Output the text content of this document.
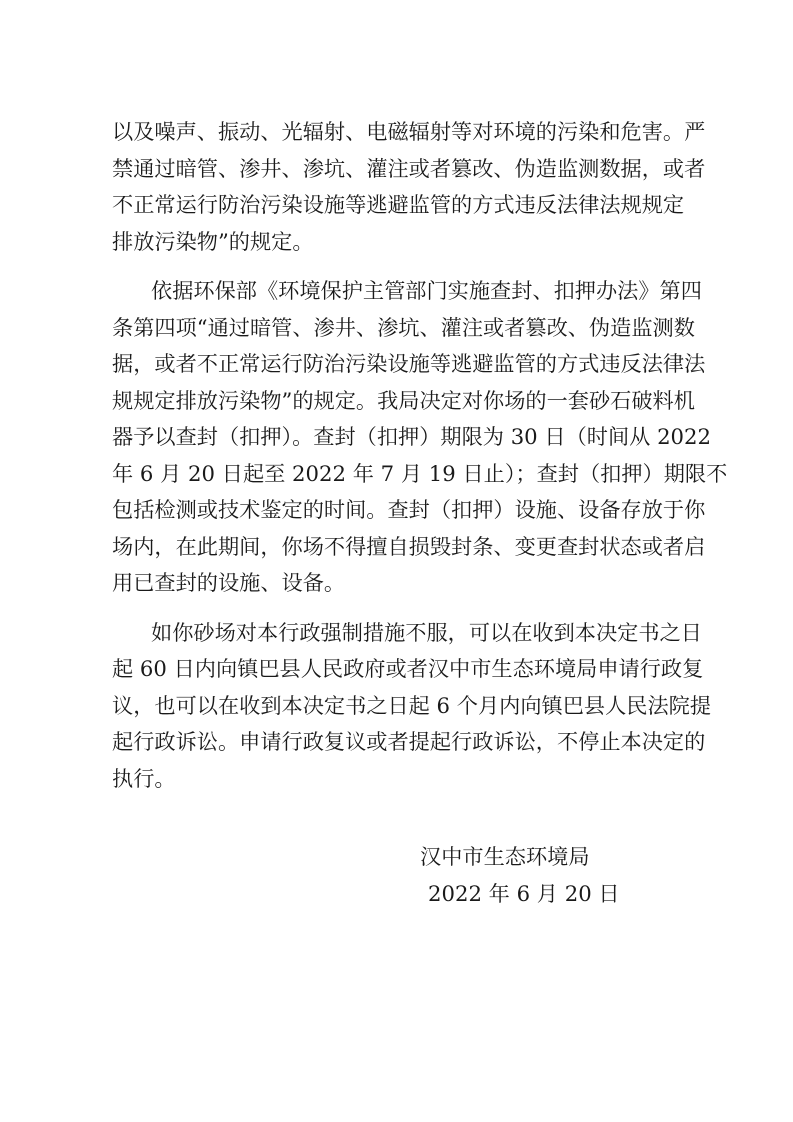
以及噪声、振动、光辐射、电磁辐射等对环境的污染和危害。严
禁通过暗管、渗井、渗坑、灌注或者篡改、伪造监测数据，或者
不正常运行防治污染设施等逃避监管的方式违反法律法规规定
排放污染物”的规定。
依据环保部《环境保护主管部门实施查封、扣押办法》第四
条第四项“通过暗管、渗井、渗坑、灌注或者篡改、伪造监测数
据，或者不正常运行防治污染设施等逃避监管的方式违反法律法
规规定排放污染物”的规定。我局决定对你场的一套砂石破料机
器予以查封（扣押）。查封（扣押）期限为 30 日（时间从 2022
年 6 月 20 日起至 2022 年 7 月 19 日止）；查封（扣押）期限不
包括检测或技术鉴定的时间。查封（扣押）设施、设备存放于你
场内，在此期间，你场不得擅自损毁封条、变更查封状态或者启
用已查封的设施、设备。
如你砂场对本行政强制措施不服，可以在收到本决定书之日
起 60 日内向镇巴县人民政府或者汉中市生态环境局申请行政复
议，也可以在收到本决定书之日起 6 个月内向镇巴县人民法院提
起行政诉讼。申请行政复议或者提起行政诉讼，不停止本决定的
执行。
汉中市生态环境局
2022 年 6 月 20 日
